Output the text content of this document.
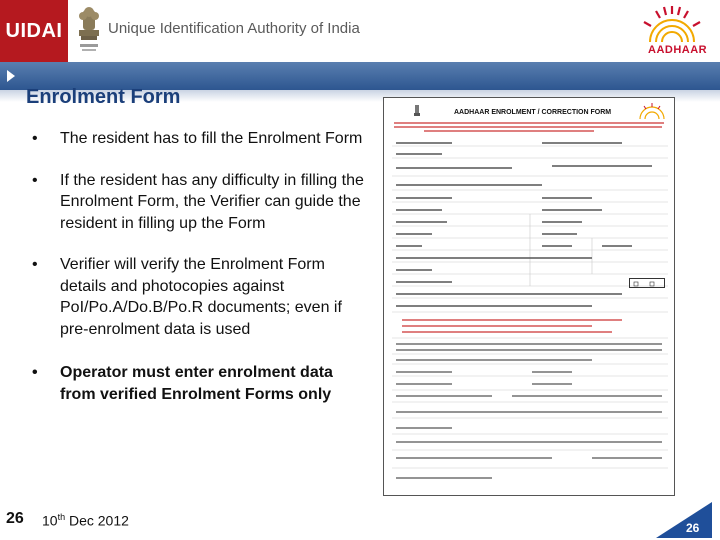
UIDAI	Unique Identification Authority of India
AADHAAR
Enrolment Form
• The resident has to fill the Enrolment Form
• If the resident has any difficulty in filling the Enrolment Form, the Verifier can guide the resident in filling up the Form
• Verifier will verify the Enrolment Form details and photocopies against PoI/Po.A/Do.B/Po.R documents; even if pre-enrolment data is used
• Operator must enter enrolment data from verified Enrolment Forms only
AADHAAR ENROLMENT / CORRECTION FORM
26 10th Dec 2012	26
